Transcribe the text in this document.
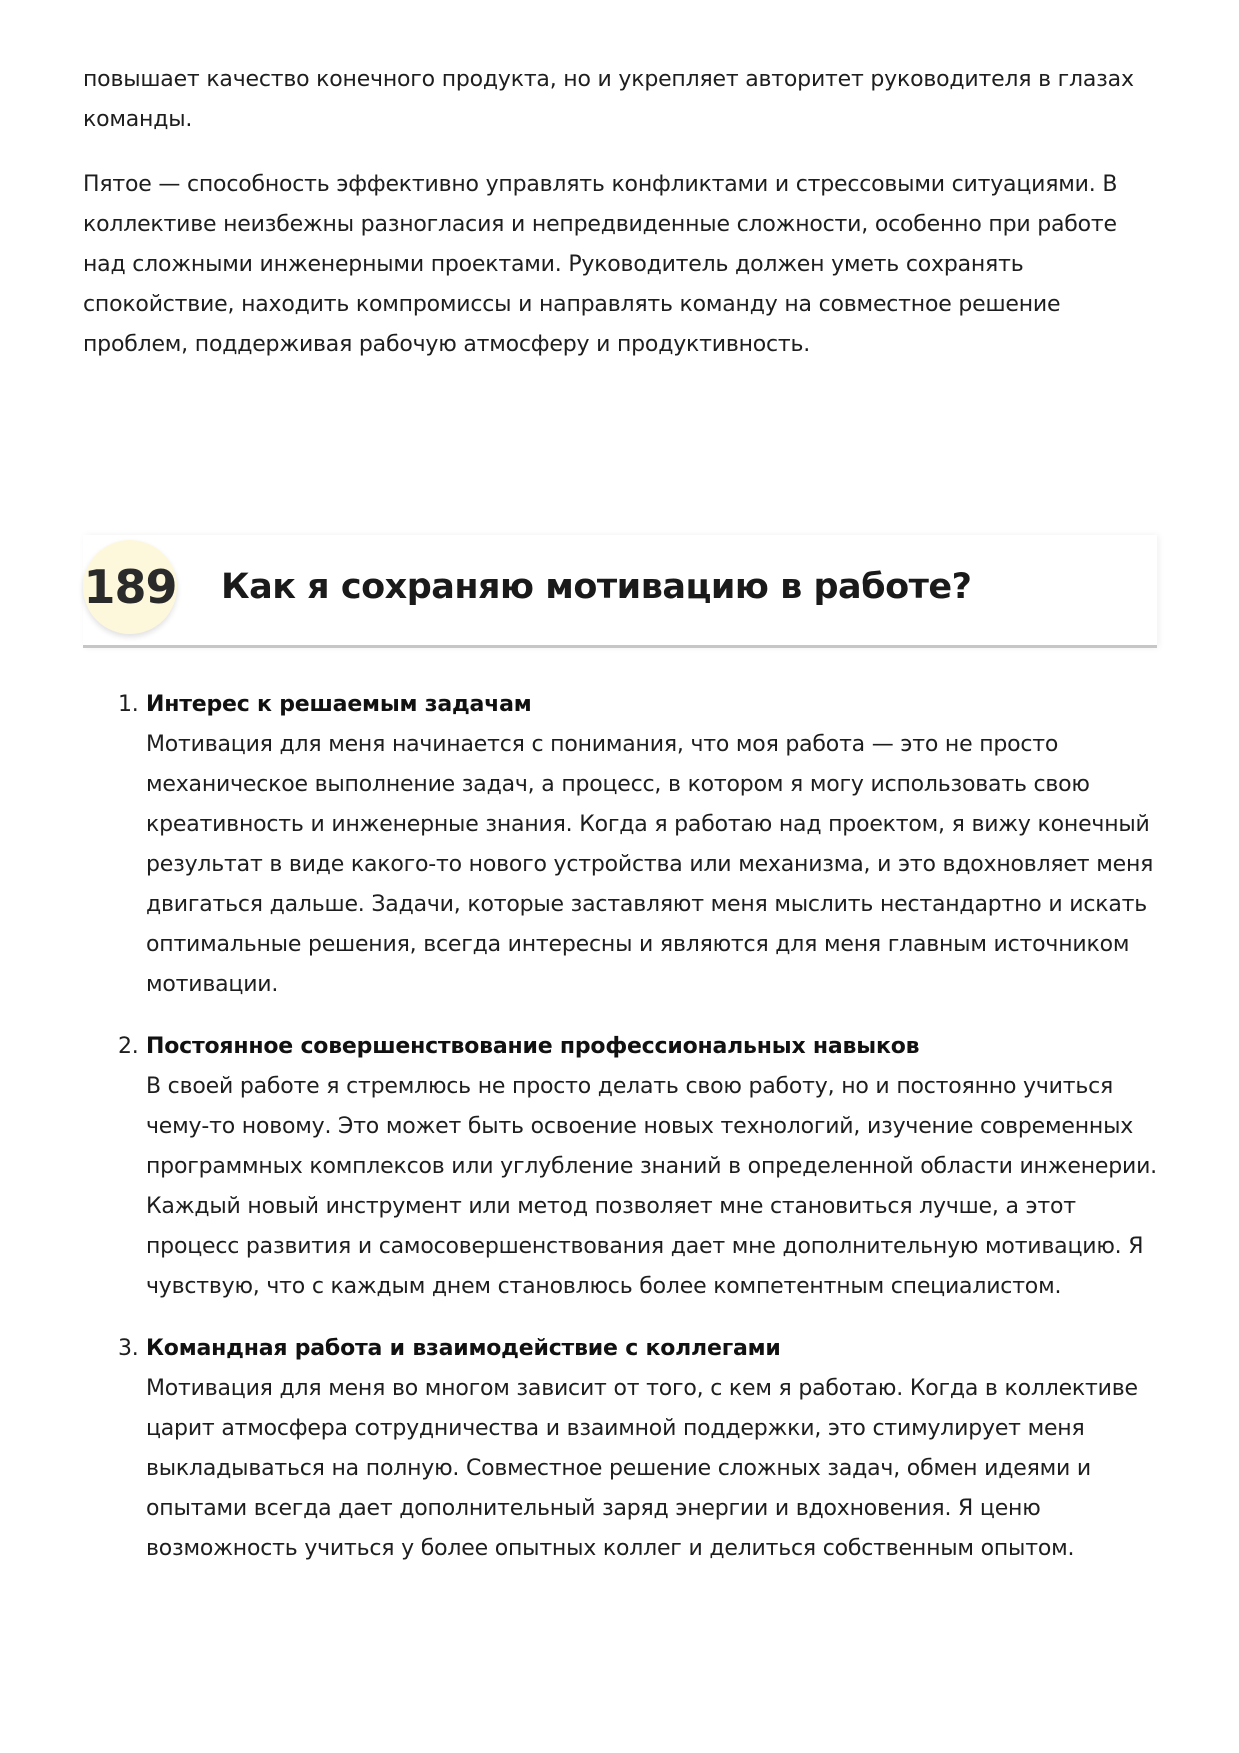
повышает качество конечного продукта, но и укрепляет авторитет руководителя в глазах команды.

Пятое — способность эффективно управлять конфликтами и стрессовыми ситуациями. В коллективе неизбежны разногласия и непредвиденные сложности, особенно при работе над сложными инженерными проектами. Руководитель должен уметь сохранять спокойствие, находить компромиссы и направлять команду на совместное решение проблем, поддерживая рабочую атмосферу и продуктивность.

189 Как я сохраняю мотивацию в работе?
1. Интерес к решаемым задачам
Мотивация для меня начинается с понимания, что моя работа — это не просто механическое выполнение задач, а процесс, в котором я могу использовать свою креативность и инженерные знания. Когда я работаю над проектом, я вижу конечный результат в виде какого-то нового устройства или механизма, и это вдохновляет меня двигаться дальше. Задачи, которые заставляют меня мыслить нестандартно и искать оптимальные решения, всегда интересны и являются для меня главным источником мотивации.
2. Постоянное совершенствование профессиональных навыков
В своей работе я стремлюсь не просто делать свою работу, но и постоянно учиться чему-то новому. Это может быть освоение новых технологий, изучение современных программных комплексов или углубление знаний в определенной области инженерии. Каждый новый инструмент или метод позволяет мне становиться лучше, а этот процесс развития и самосовершенствования дает мне дополнительную мотивацию. Я чувствую, что с каждым днем становлюсь более компетентным специалистом.
3. Командная работа и взаимодействие с коллегами
Мотивация для меня во многом зависит от того, с кем я работаю. Когда в коллективе царит атмосфера сотрудничества и взаимной поддержки, это стимулирует меня выкладываться на полную. Совместное решение сложных задач, обмен идеями и опытами всегда дает дополнительный заряд энергии и вдохновения. Я ценю возможность учиться у более опытных коллег и делиться собственным опытом.
